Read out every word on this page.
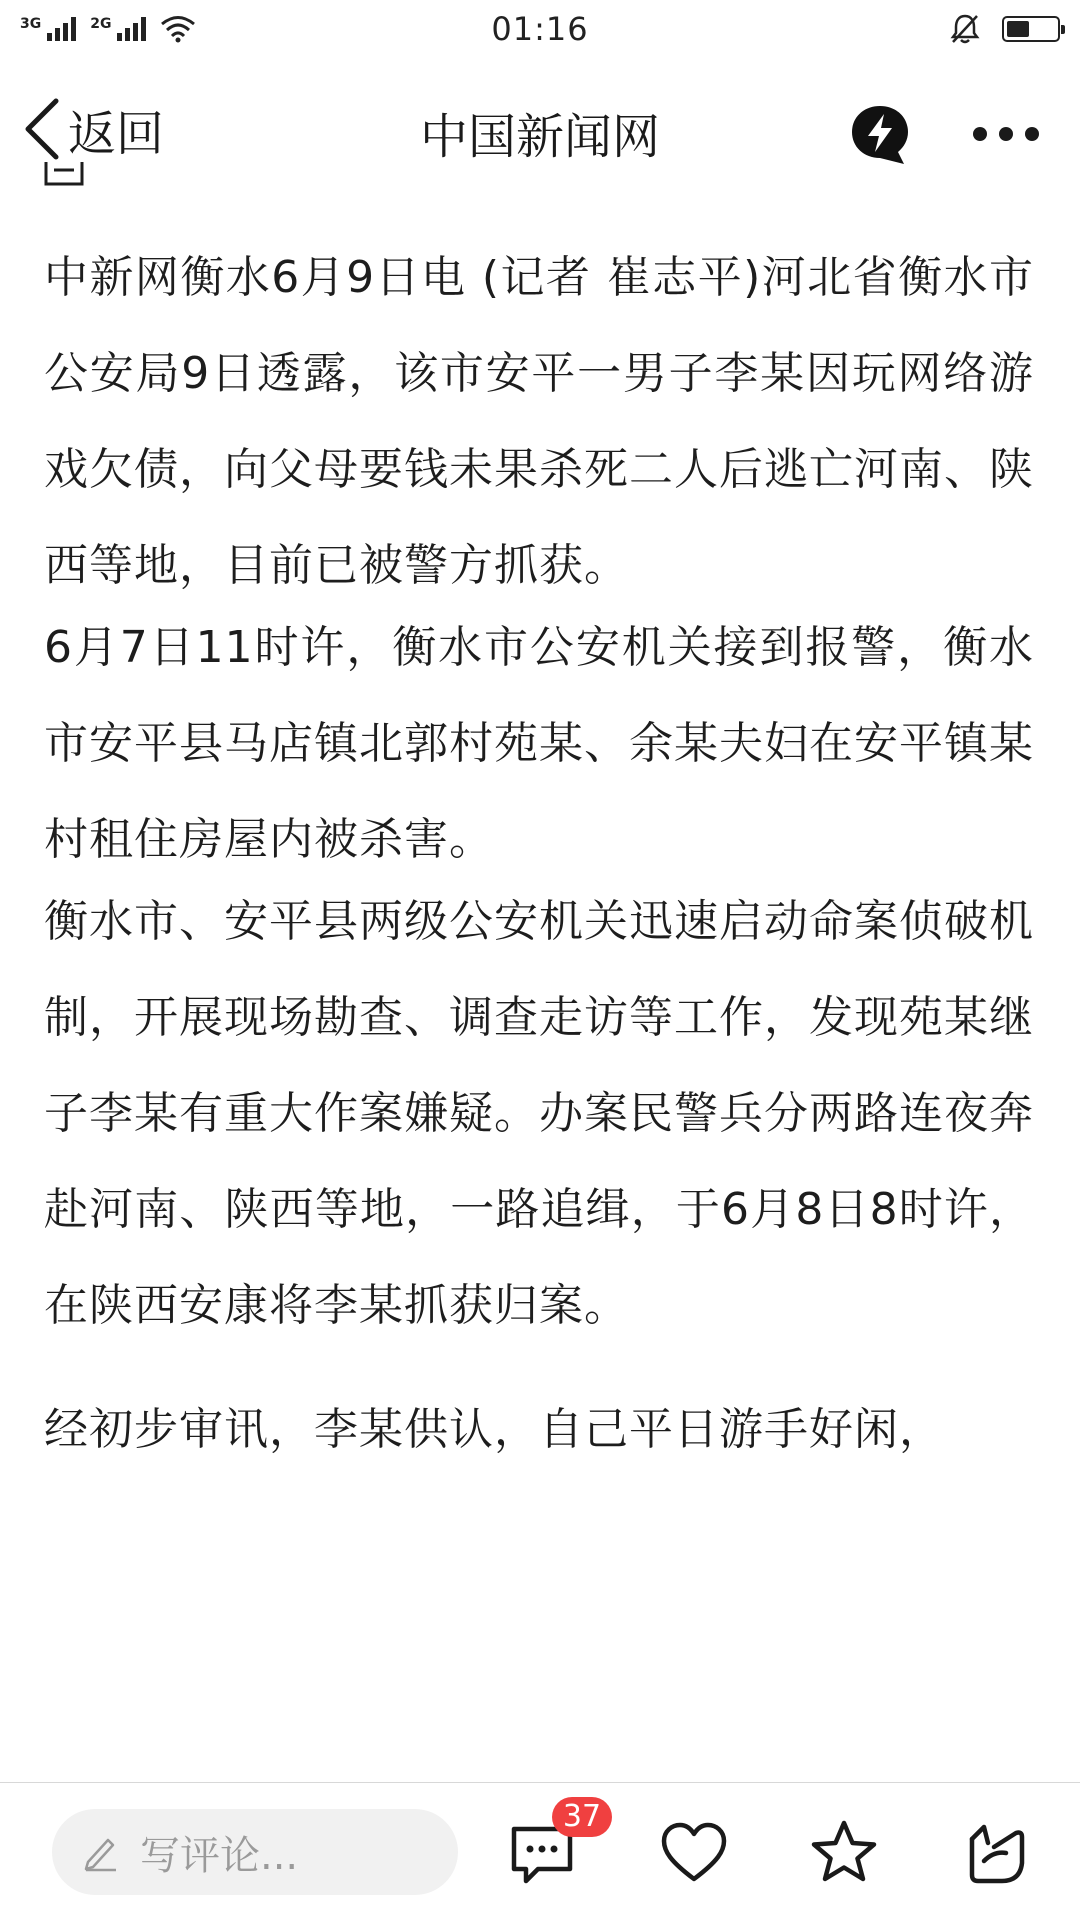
3G	2G	01:16
返回	中国新闻网

中新网衡水6月9日电 (记者 崔志平)河北省衡水市公安局9日透露，该市安平一男子李某因玩网络游戏欠债，向父母要钱未果杀死二人后逃亡河南、陕西等地，目前已被警方抓获。

6月7日11时许，衡水市公安机关接到报警，衡水市安平县马店镇北郭村苑某、余某夫妇在安平镇某村租住房屋内被杀害。

衡水市、安平县两级公安机关迅速启动命案侦破机制，开展现场勘查、调查走访等工作，发现苑某继子李某有重大作案嫌疑。办案民警兵分两路连夜奔赴河南、陕西等地，一路追缉，于6月8日8时许，在陕西安康将李某抓获归案。

经初步审讯，李某供认，自己平日游手好闲，

写评论...
37
